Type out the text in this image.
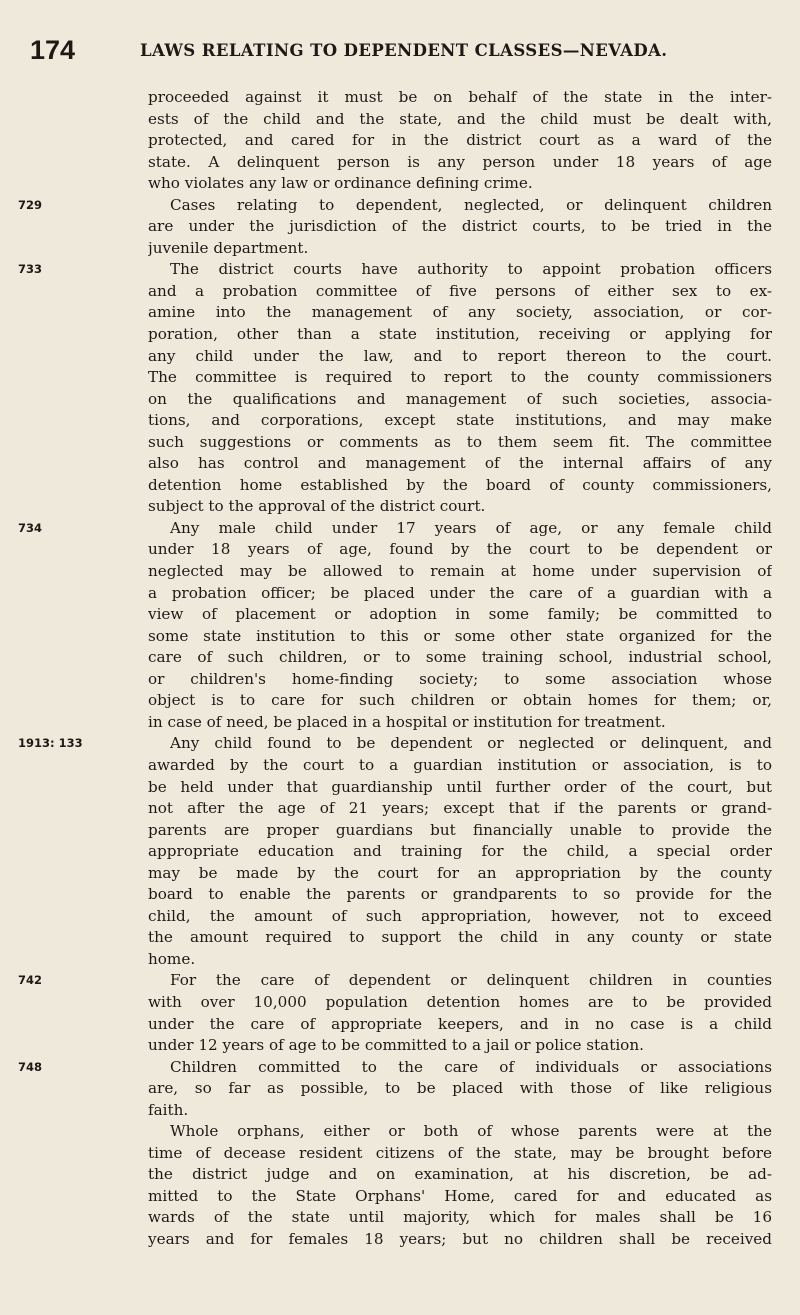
174	LAWS RELATING TO DEPENDENT CLASSES—NEVADA.
proceeded against it must be on behalf of the state in the inter-
ests of the child and the state, and the child must be dealt with,
protected, and cared for in the district court as a ward of the
state. A delinquent person is any person under 18 years of age
who violates any law or ordinance defining crime.
729	Cases relating to dependent, neglected, or delinquent children
are under the jurisdiction of the district courts, to be tried in the
juvenile department.
733	The district courts have authority to appoint probation officers
and a probation committee of five persons of either sex to ex-
amine into the management of any society, association, or cor-
poration, other than a state institution, receiving or applying for
any child under the law, and to report thereon to the court.
The committee is required to report to the county commissioners
on the qualifications and management of such societies, associa-
tions, and corporations, except state institutions, and may make
such suggestions or comments as to them seem fit. The committee
also has control and management of the internal affairs of any
detention home established by the board of county commissioners,
subject to the approval of the district court.
734	Any male child under 17 years of age, or any female child
under 18 years of age, found by the court to be dependent or
neglected may be allowed to remain at home under supervision of
a probation officer; be placed under the care of a guardian with a
view of placement or adoption in some family; be committed to
some state institution to this or some other state organized for the
care of such children, or to some training school, industrial school,
or children's home-finding society; to some association whose
object is to care for such children or obtain homes for them; or,
in case of need, be placed in a hospital or institution for treatment.
1913: 133	Any child found to be dependent or neglected or delinquent, and
awarded by the court to a guardian institution or association, is to
be held under that guardianship until further order of the court, but
not after the age of 21 years; except that if the parents or grand-
parents are proper guardians but financially unable to provide the
appropriate education and training for the child, a special order
may be made by the court for an appropriation by the county
board to enable the parents or grandparents to so provide for the
child, the amount of such appropriation, however, not to exceed
the amount required to support the child in any county or state
home.
742	For the care of dependent or delinquent children in counties
with over 10,000 population detention homes are to be provided
under the care of appropriate keepers, and in no case is a child
under 12 years of age to be committed to a jail or police station.
748	Children committed to the care of individuals or associations
are, so far as possible, to be placed with those of like religious
faith.
Whole orphans, either or both of whose parents were at the
time of decease resident citizens of the state, may be brought before
the district judge and on examination, at his discretion, be ad-
mitted to the State Orphans' Home, cared for and educated as
wards of the state until majority, which for males shall be 16
years and for females 18 years; but no children shall be received
